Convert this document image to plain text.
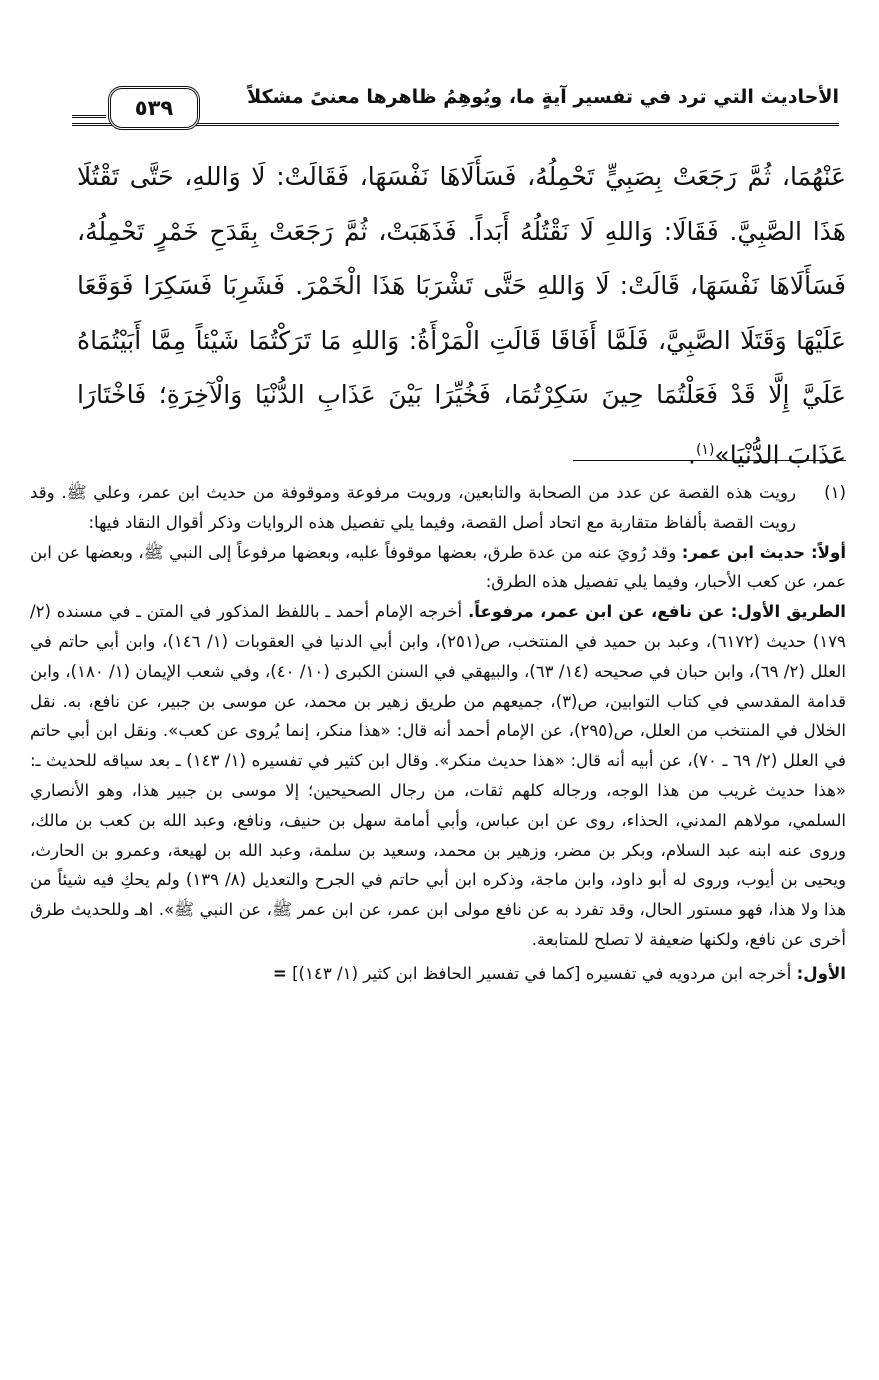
الأحاديث التي ترد في تفسير آيةٍ ما، ويُوهِمُ ظاهرها معنىً مشكلاً
٥٣٩
عَنْهُمَا، ثُمَّ رَجَعَتْ بِصَبِيٍّ تَحْمِلُهُ، فَسَأَلَاهَا نَفْسَهَا، فَقَالَتْ: لَا وَاللهِ، حَتَّى تَقْتُلَا هَذَا الصَّبِيَّ. فَقَالَا: وَاللهِ لَا نَقْتُلُهُ أَبَداً. فَذَهَبَتْ، ثُمَّ رَجَعَتْ بِقَدَحِ خَمْرٍ تَحْمِلُهُ، فَسَأَلَاهَا نَفْسَهَا، قَالَتْ: لَا وَاللهِ حَتَّى تَشْرَبَا هَذَا الْخَمْرَ. فَشَرِبَا فَسَكِرَا فَوَقَعَا عَلَيْهَا وَقَتَلَا الصَّبِيَّ، فَلَمَّا أَفَاقَا قَالَتِ الْمَرْأَةُ: وَاللهِ مَا تَرَكْتُمَا شَيْئاً مِمَّا أَبَيْتُمَاهُ عَلَيَّ إِلَّا قَدْ فَعَلْتُمَا حِينَ سَكِرْتُمَا، فَخُيِّرَا بَيْنَ عَذَابِ الدُّنْيَا وَالْآخِرَةِ؛ فَاخْتَارَا عَذَابَ الدُّنْيَا»$^{(١)}$.

(١)رويت هذه القصة عن عدد من الصحابة والتابعين، ورويت مرفوعة وموقوفة من حديث ابن عمر، وعلي ﷺ. وقد رويت القصة بألفاظ متقاربة مع اتحاد أصل القصة، وفيما يلي تفصيل هذه الروايات وذكر أقوال النقاد فيها:

أولاً: حديث ابن عمر: وقد رُويَ عنه من عدة طرق، بعضها موقوفاً عليه، وبعضها مرفوعاً إلى النبي ﷺ، وبعضها عن ابن عمر، عن كعب الأحبار، وفيما يلي تفصيل هذه الطرق:

الطريق الأول: عن نافع، عن ابن عمر، مرفوعاً. أخرجه الإمام أحمد ـ باللفظ المذكور في المتن ـ في مسنده (٢/ ١٧٩) حديث (٦١٧٢)، وعبد بن حميد في المنتخب، ص(٢٥١)، وابن أبي الدنيا في العقوبات (١/ ١٤٦)، وابن أبي حاتم في العلل (٢/ ٦٩)، وابن حبان في صحيحه (١٤/ ٦٣)، والبيهقي في السنن الكبرى (١٠/ ٤٠)، وفي شعب الإيمان (١/ ١٨٠)، وابن قدامة المقدسي في كتاب التوابين، ص(٣)، جميعهم من طريق زهير بن محمد، عن موسى بن جبير، عن نافع، به. نقل الخلال في المنتخب من العلل، ص(٢٩٥)، عن الإمام أحمد أنه قال: «هذا منكر، إنما يُروى عن كعب». ونقل ابن أبي حاتم في العلل (٢/ ٦٩ ـ ٧٠)، عن أبيه أنه قال: «هذا حديث منكر». وقال ابن كثير في تفسيره (١/ ١٤٣) ـ بعد سياقه للحديث ـ: «هذا حديث غريب من هذا الوجه، ورجاله كلهم ثقات، من رجال الصحيحين؛ إلا موسى بن جبير هذا، وهو الأنصاري السلمي، مولاهم المدني، الحذاء، روى عن ابن عباس، وأبي أمامة سهل بن حنيف، ونافع، وعبد الله بن كعب بن مالك، وروى عنه ابنه عبد السلام، وبكر بن مضر، وزهير بن محمد، وسعيد بن سلمة، وعبد الله بن لهيعة، وعمرو بن الحارث، ويحيى بن أيوب، وروى له أبو داود، وابن ماجة، وذكره ابن أبي حاتم في الجرح والتعديل (٨/ ١٣٩) ولم يحكِ فيه شيئاً من هذا ولا هذا، فهو مستور الحال، وقد تفرد به عن نافع مولى ابن عمر، عن ابن عمر ﷺ، عن النبي ﷺ». اهـ وللحديث طرق أخرى عن نافع، ولكنها ضعيفة لا تصلح للمتابعة.

الأول: أخرجه ابن مردويه في تفسيره [كما في تفسير الحافظ ابن كثير (١/ ١٤٣)] =
